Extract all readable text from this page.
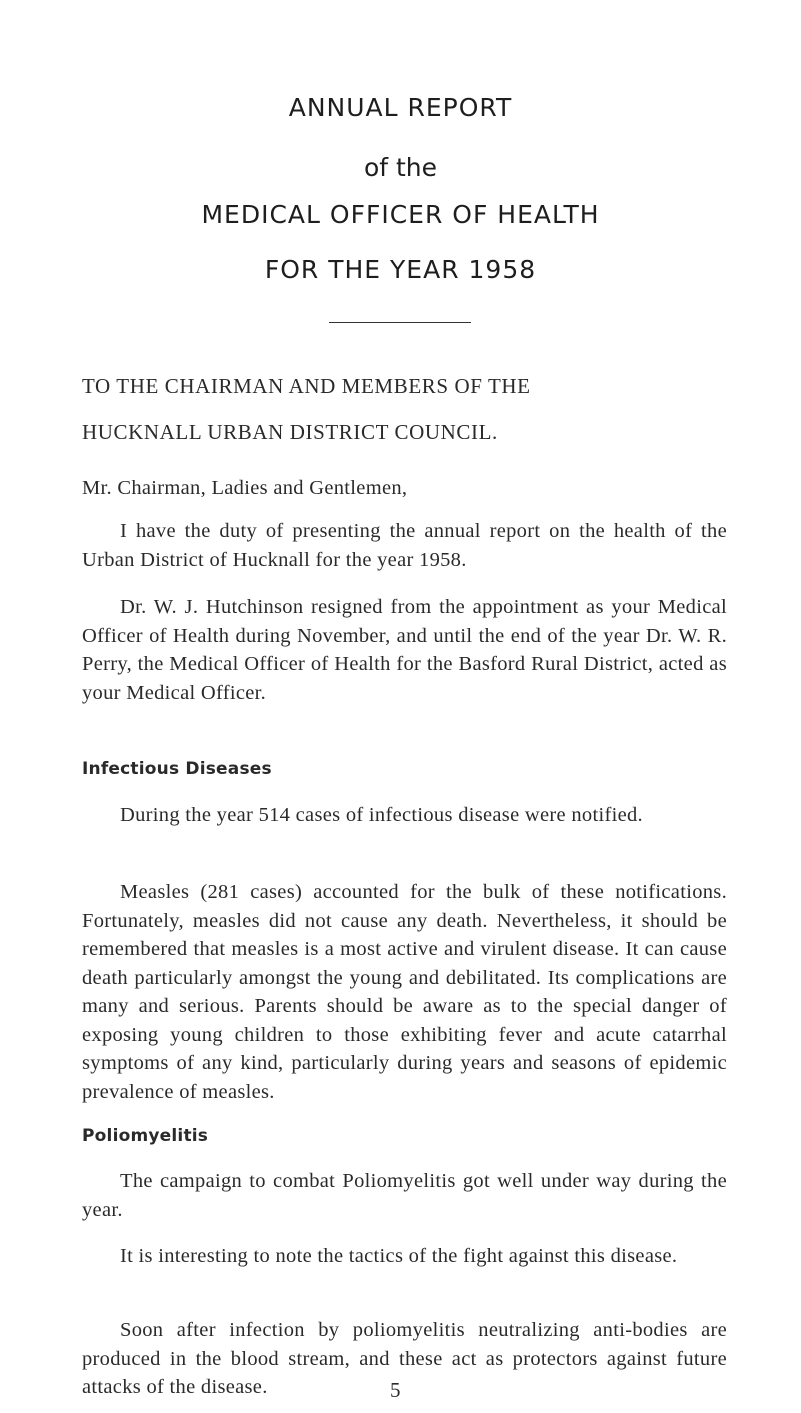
ANNUAL REPORT
of the
MEDICAL OFFICER OF HEALTH
FOR THE YEAR 1958
TO THE CHAIRMAN AND MEMBERS OF THE
HUCKNALL URBAN DISTRICT COUNCIL.
Mr. Chairman, Ladies and Gentlemen,
I have the duty of presenting the annual report on the health of the Urban District of Hucknall for the year 1958.
Dr. W. J. Hutchinson resigned from the appointment as your Medical Officer of Health during November, and until the end of the year Dr. W. R. Perry, the Medical Officer of Health for the Basford Rural District, acted as your Medical Officer.
Infectious Diseases
During the year 514 cases of infectious disease were notified.
Measles (281 cases) accounted for the bulk of these notifications. Fortunately, measles did not cause any death. Nevertheless, it should be remembered that measles is a most active and virulent disease. It can cause death particularly amongst the young and debilitated. Its complications are many and serious. Parents should be aware as to the special danger of exposing young children to those exhibiting fever and acute catarrhal symptoms of any kind, particularly during years and seasons of epidemic prevalence of measles.
Poliomyelitis
The campaign to combat Poliomyelitis got well under way during the year.
It is interesting to note the tactics of the fight against this disease.
Soon after infection by poliomyelitis neutralizing anti-bodies are produced in the blood stream, and these act as protectors against future attacks of the disease.	5
